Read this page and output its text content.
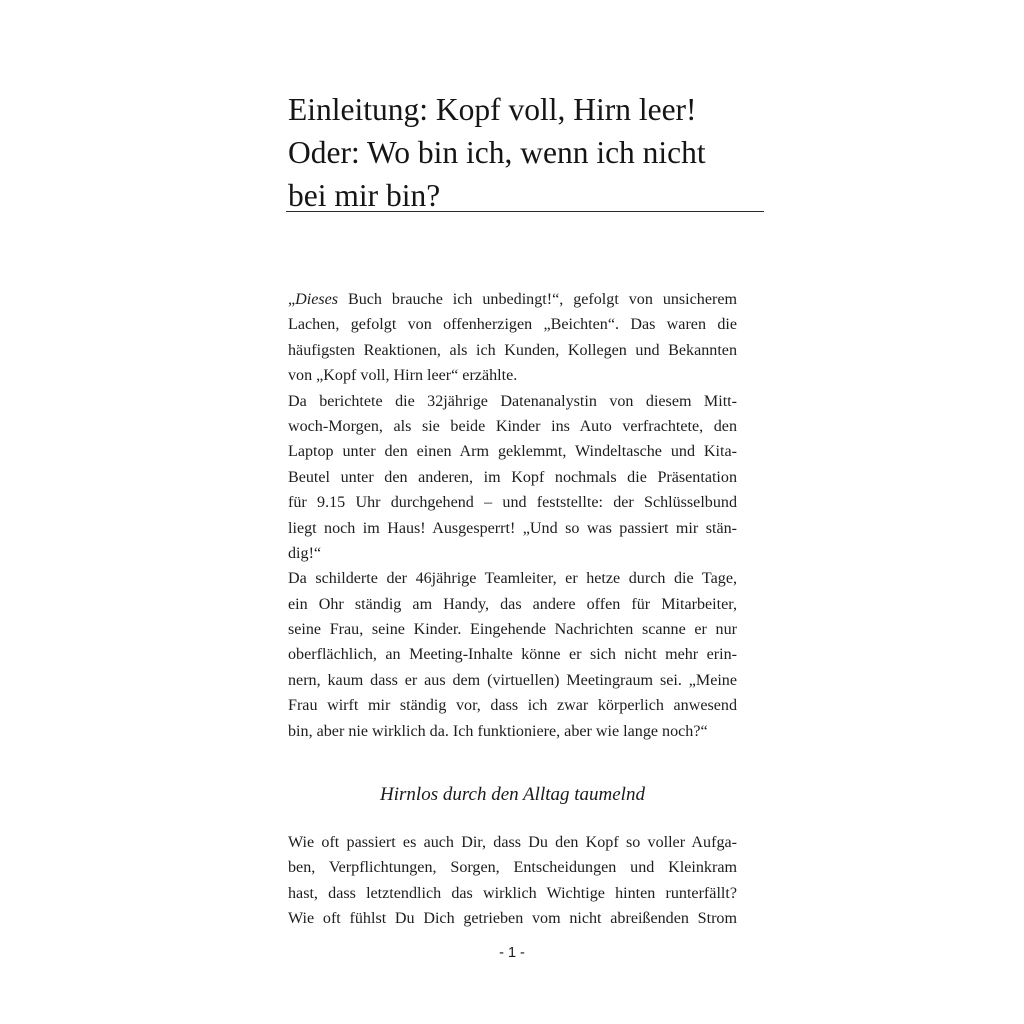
Einleitung: Kopf voll, Hirn leer!
Oder: Wo bin ich, wenn ich nicht
bei mir bin?
„Dieses Buch brauche ich unbedingt!“, gefolgt von unsicherem
Lachen, gefolgt von offenherzigen „Beichten“. Das waren die
häufigsten Reaktionen, als ich Kunden, Kollegen und Bekannten
von „Kopf voll, Hirn leer“ erzählte.
Da berichtete die 32jährige Datenanalystin von diesem Mitt-
woch-Morgen, als sie beide Kinder ins Auto verfrachtete, den
Laptop unter den einen Arm geklemmt, Windeltasche und Kita-
Beutel unter den anderen, im Kopf nochmals die Präsentation
für 9.15 Uhr durchgehend – und feststellte: der Schlüsselbund
liegt noch im Haus! Ausgesperrt! „Und so was passiert mir stän-
dig!“
Da schilderte der 46jährige Teamleiter, er hetze durch die Tage,
ein Ohr ständig am Handy, das andere offen für Mitarbeiter,
seine Frau, seine Kinder. Eingehende Nachrichten scanne er nur
oberflächlich, an Meeting-Inhalte könne er sich nicht mehr erin-
nern, kaum dass er aus dem (virtuellen) Meetingraum sei. „Meine
Frau wirft mir ständig vor, dass ich zwar körperlich anwesend
bin, aber nie wirklich da. Ich funktioniere, aber wie lange noch?“
Hirnlos durch den Alltag taumelnd
Wie oft passiert es auch Dir, dass Du den Kopf so voller Aufga-
ben, Verpflichtungen, Sorgen, Entscheidungen und Kleinkram
hast, dass letztendlich das wirklich Wichtige hinten runterfällt?
Wie oft fühlst Du Dich getrieben vom nicht abreißenden Strom
- 1 -
